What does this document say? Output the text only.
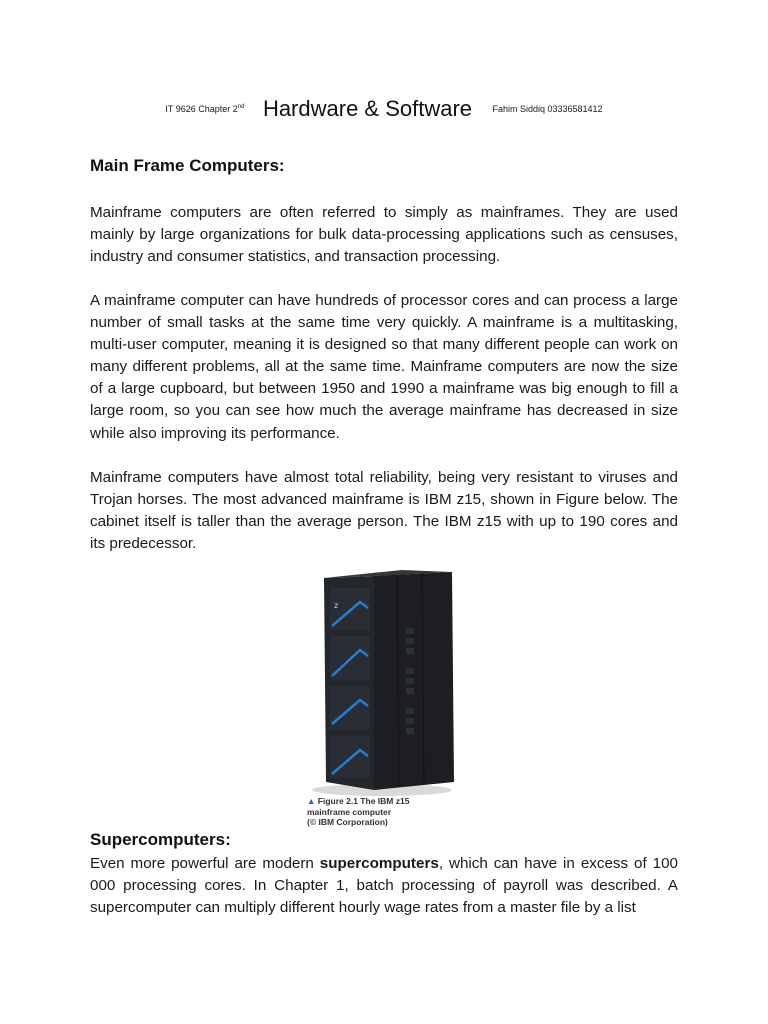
IT 9626 Chapter 2nd Hardware & Software Fahim Siddiq 03336581412
Main Frame Computers:

Mainframe computers are often referred to simply as mainframes. They are used mainly by large organizations for bulk data-processing applications such as censuses, industry and consumer statistics, and transaction processing.

A mainframe computer can have hundreds of processor cores and can process a large number of small tasks at the same time very quickly. A mainframe is a multitasking, multi-user computer, meaning it is designed so that many different people can work on many different problems, all at the same time. Mainframe computers are now the size of a large cupboard, but between 1950 and 1990 a mainframe was big enough to fill a large room, so you can see how much the average mainframe has decreased in size while also improving its performance.

Mainframe computers have almost total reliability, being very resistant to viruses and Trojan horses. The most advanced mainframe is IBM z15, shown in Figure below. The cabinet itself is taller than the average person. The IBM z15 with up to 190 cores and its predecessor.

z
▲ Figure 2.1 The IBM z15
mainframe computer
(© IBM Corporation)
Supercomputers:

Even more powerful are modern supercomputers, which can have in excess of 100 000 processing cores. In Chapter 1, batch processing of payroll was described. A supercomputer can multiply different hourly wage rates from a master file by a list
